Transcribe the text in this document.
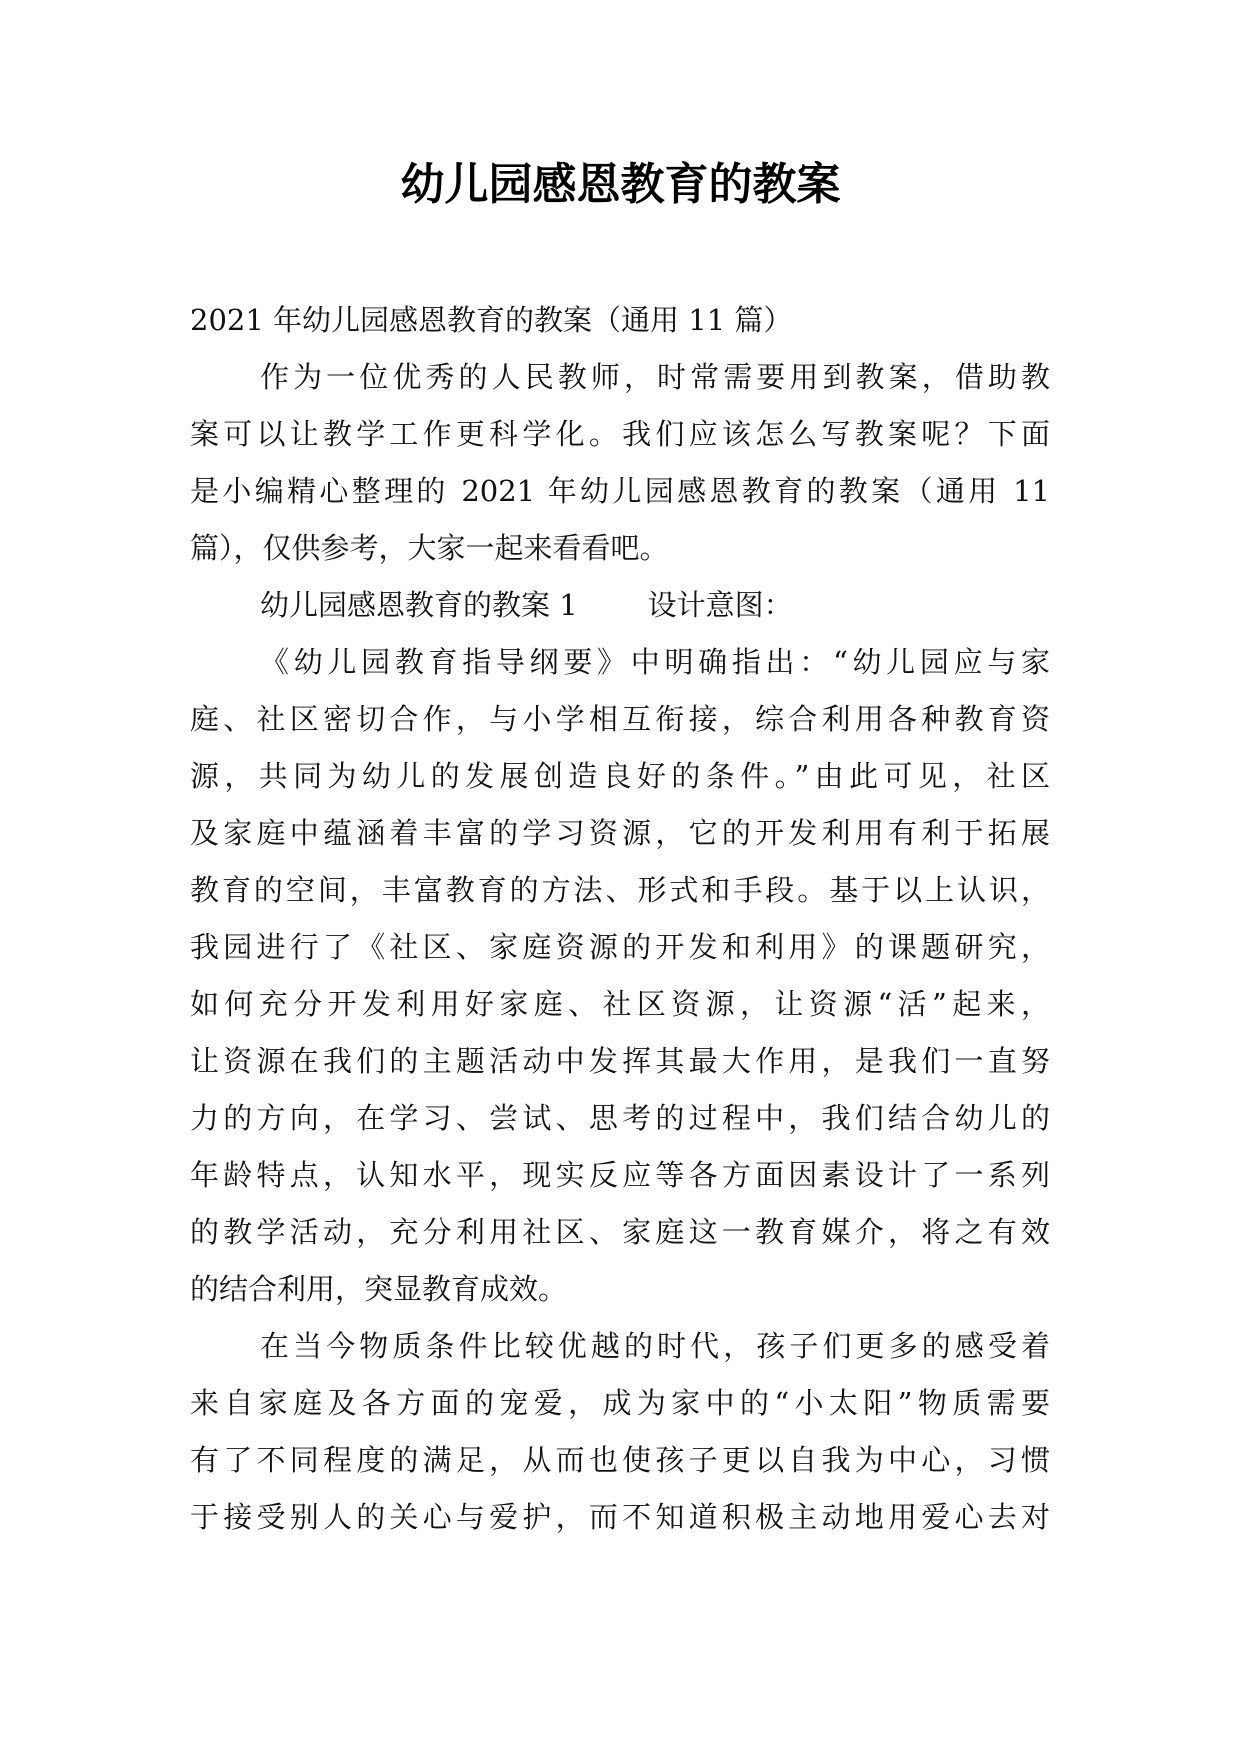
幼儿园感恩教育的教案
2021 年幼儿园感恩教育的教案（通用 11 篇）
作为一位优秀的人民教师，时常需要用到教案，借助教
案可以让教学工作更科学化。我们应该怎么写教案呢？下面
是小编精心整理的 2021 年幼儿园感恩教育的教案（通用 11
篇），仅供参考，大家一起来看看吧。
幼儿园感恩教育的教案 1 设计意图：
《幼儿园教育指导纲要》中明确指出：“幼儿园应与家
庭、社区密切合作，与小学相互衔接，综合利用各种教育资
源，共同为幼儿的发展创造良好的条件。”由此可见，社区
及家庭中蕴涵着丰富的学习资源，它的开发利用有利于拓展
教育的空间，丰富教育的方法、形式和手段。基于以上认识，
我园进行了《社区、家庭资源的开发和利用》的课题研究，
如何充分开发利用好家庭、社区资源，让资源“活”起来，
让资源在我们的主题活动中发挥其最大作用，是我们一直努
力的方向，在学习、尝试、思考的过程中，我们结合幼儿的
年龄特点，认知水平，现实反应等各方面因素设计了一系列
的教学活动，充分利用社区、家庭这一教育媒介，将之有效
的结合利用，突显教育成效。
在当今物质条件比较优越的时代，孩子们更多的感受着
来自家庭及各方面的宠爱，成为家中的“小太阳”物质需要
有了不同程度的满足，从而也使孩子更以自我为中心，习惯
于接受别人的关心与爱护，而不知道积极主动地用爱心去对
